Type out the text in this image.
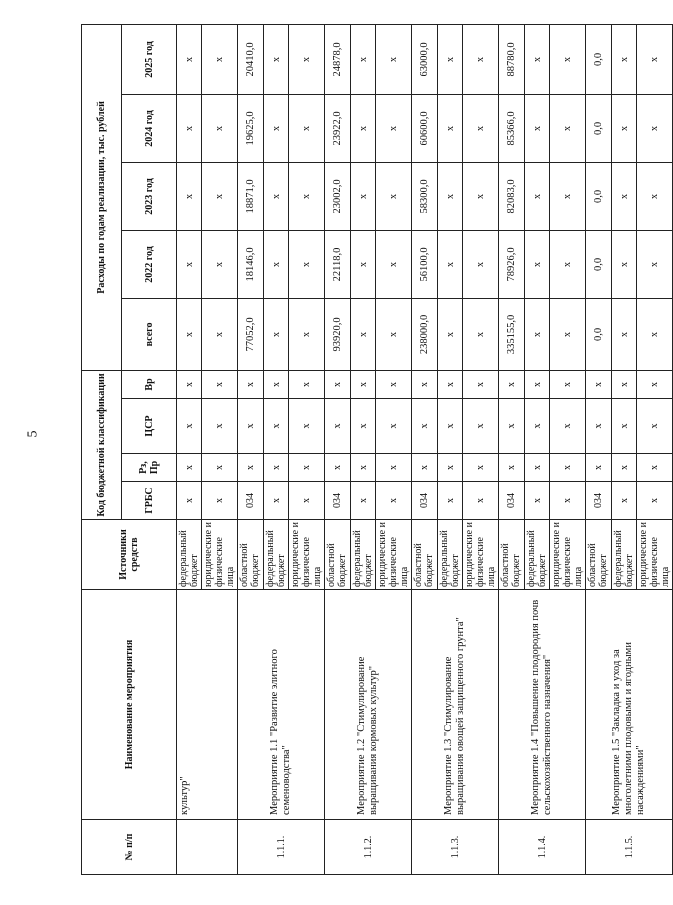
5
№ п/п	Наименование мероприятия	Источники средств	Код бюджетной классификации				Расходы по годам реализации, тыс. рублей				
			ГРБС	Рз, Пр	ЦСР	Вр	всего	2022 год	2023 год	2024 год	2025 год
	культур"	федеральный бюджет	х	х	х	х	х	х	х	х	х
		юридические и физические лица	х	х	х	х	х	х	х	х	х
1.1.1.	Мероприятие 1.1 "Развитие элитного семеноводства"	областной бюджет	034	х	х	х	77052,0	18146,0	18871,0	19625,0	20410,0
		федеральный бюджет	х	х	х	х	х	х	х	х	х
		юридические и физические лица	х	х	х	х	х	х	х	х	х
1.1.2.	Мероприятие 1.2 "Стимулирование выращивания кормовых культур"	областной бюджет	034	х	х	х	93920,0	22118,0	23002,0	23922,0	24878,0
		федеральный бюджет	х	х	х	х	х	х	х	х	х
		юридические и физические лица	х	х	х	х	х	х	х	х	х
1.1.3.	Мероприятие 1.3 "Стимулирование выращивания овощей защищенного грунта"	областной бюджет	034	х	х	х	238000,0	56100,0	58300,0	60600,0	63000,0
		федеральный бюджет	х	х	х	х	х	х	х	х	х
		юридические и физические лица	х	х	х	х	х	х	х	х	х
1.1.4.	Мероприятие 1.4 "Повышение плодородия почв сельскохозяйственного назначения"	областной бюджет	034	х	х	х	335155,0	78926,0	82083,0	85366,0	88780,0
		федеральный бюджет	х	х	х	х	х	х	х	х	х
		юридические и физические лица	х	х	х	х	х	х	х	х	х
1.1.5.	Мероприятие 1.5 "Закладка и уход за многолетними плодовыми и ягодными насаждениями"	областной бюджет	034	х	х	х	0,0	0,0	0,0	0,0	0,0
		федеральный бюджет	х	х	х	х	х	х	х	х	х
		юридические и физические лица	х	х	х	х	х	х	х	х	х
